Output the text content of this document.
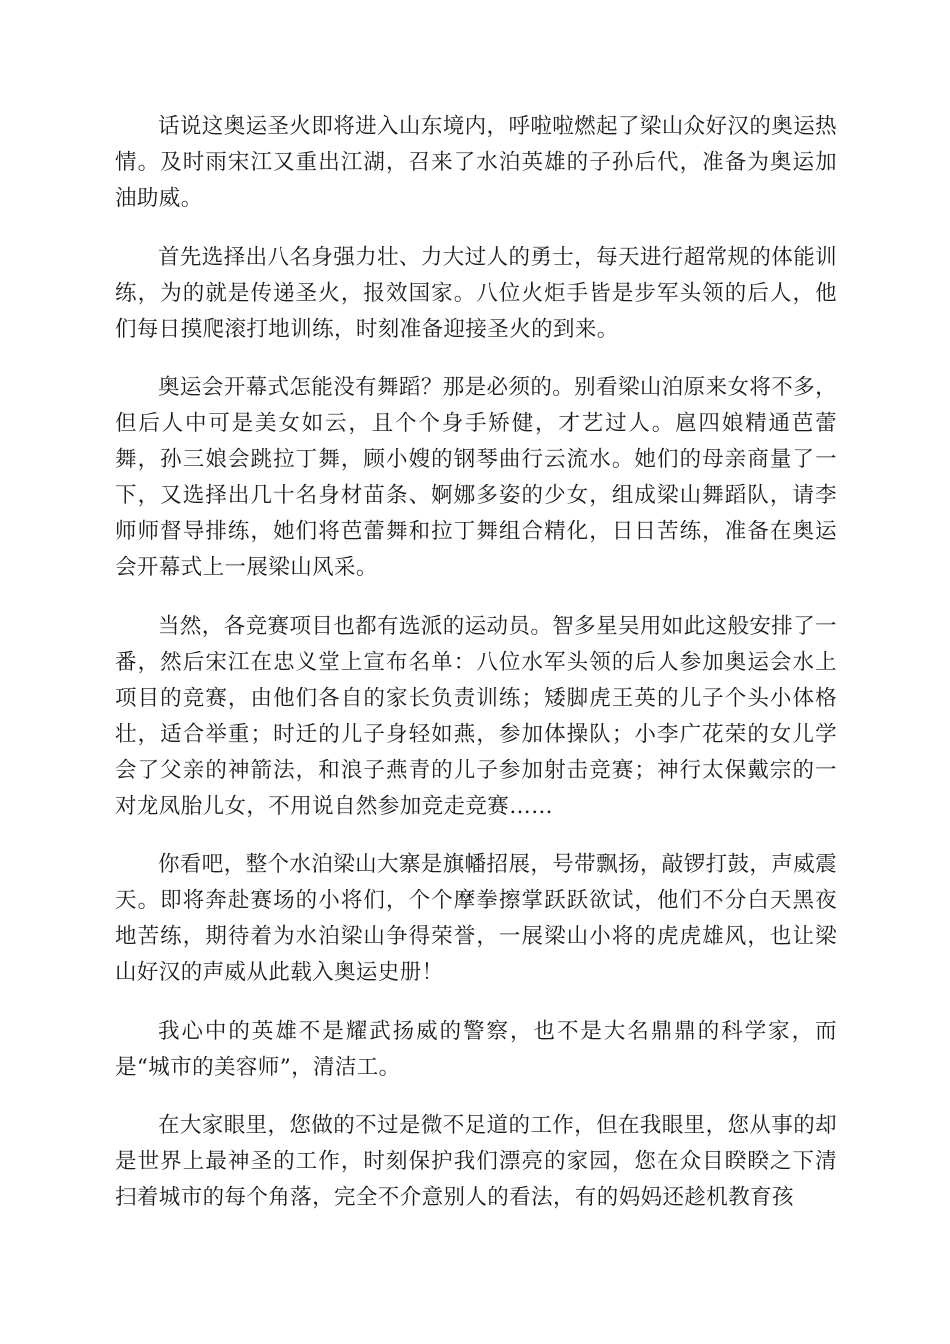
话说这奥运圣火即将进入山东境内，呼啦啦燃起了梁山众好汉的奥运热情。及时雨宋江又重出江湖，召来了水泊英雄的子孙后代，准备为奥运加油助威。

首先选择出八名身强力壮、力大过人的勇士，每天进行超常规的体能训练，为的就是传递圣火，报效国家。八位火炬手皆是步军头领的后人，他们每日摸爬滚打地训练，时刻准备迎接圣火的到来。

奥运会开幕式怎能没有舞蹈？那是必须的。别看梁山泊原来女将不多，但后人中可是美女如云，且个个身手矫健，才艺过人。扈四娘精通芭蕾舞，孙三娘会跳拉丁舞，顾小嫂的钢琴曲行云流水。她们的母亲商量了一下，又选择出几十名身材苗条、婀娜多姿的少女，组成梁山舞蹈队，请李师师督导排练，她们将芭蕾舞和拉丁舞组合精化，日日苦练，准备在奥运会开幕式上一展梁山风采。

当然，各竞赛项目也都有选派的运动员。智多星吴用如此这般安排了一番，然后宋江在忠义堂上宣布名单：八位水军头领的后人参加奥运会水上项目的竞赛，由他们各自的家长负责训练；矮脚虎王英的儿子个头小体格壮，适合举重；时迁的儿子身轻如燕，参加体操队；小李广花荣的女儿学会了父亲的神箭法，和浪子燕青的儿子参加射击竞赛；神行太保戴宗的一对龙凤胎儿女，不用说自然参加竞走竞赛……

你看吧，整个水泊梁山大寨是旗幡招展，号带飘扬，敲锣打鼓，声威震天。即将奔赴赛场的小将们，个个摩拳擦掌跃跃欲试，他们不分白天黑夜地苦练，期待着为水泊梁山争得荣誉，一展梁山小将的虎虎雄风，也让梁山好汉的声威从此载入奥运史册！

我心中的英雄不是耀武扬威的警察，也不是大名鼎鼎的科学家，而是“城市的美容师”，清洁工。

在大家眼里，您做的不过是微不足道的工作，但在我眼里，您从事的却是世界上最神圣的工作，时刻保护我们漂亮的家园，您在众目睽睽之下清扫着城市的每个角落，完全不介意别人的看法，有的妈妈还趁机教育孩
